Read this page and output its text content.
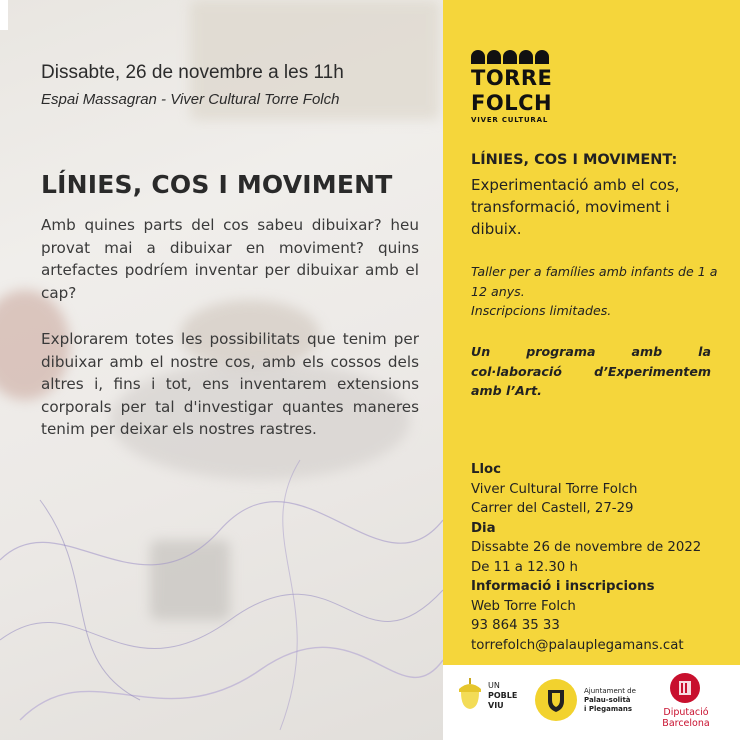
Dissabte, 26 de novembre a les 11h
Espai Massagran - Viver Cultural Torre Folch
LÍNIES, COS I MOVIMENT
Amb quines parts del cos sabeu dibuixar? heu provat mai a dibuixar en moviment? quins artefactes podríem inventar per dibuixar amb el cap?
Explorarem totes les possibilitats que tenim per dibuixar amb el nostre cos, amb els cossos dels altres i, fins i tot, ens inventarem extensions corporals per tal d'investigar quantes maneres tenim per deixar els nostres rastres.
TORRE
FOLCH
VIVER CULTURAL
LÍNIES, COS I MOVIMENT:
Experimentació amb el cos, transformació, moviment i dibuix.
Taller per a famílies amb infants de 1 a 12 anys.
Inscripcions limitades.
Un programa amb la col·laboració d’Experimentem amb l’Art.
Lloc
Viver Cultural Torre Folch
Carrer del Castell, 27-29
Dia
Dissabte 26 de novembre de 2022
De 11 a 12.30 h
Informació i inscripcions
Web Torre Folch
93 864 35 33
torrefolch@palauplegamans.cat
UN
POBLE
VIU
Ajuntament de
Palau-solità
i Plegamans	Diputació
Barcelona
